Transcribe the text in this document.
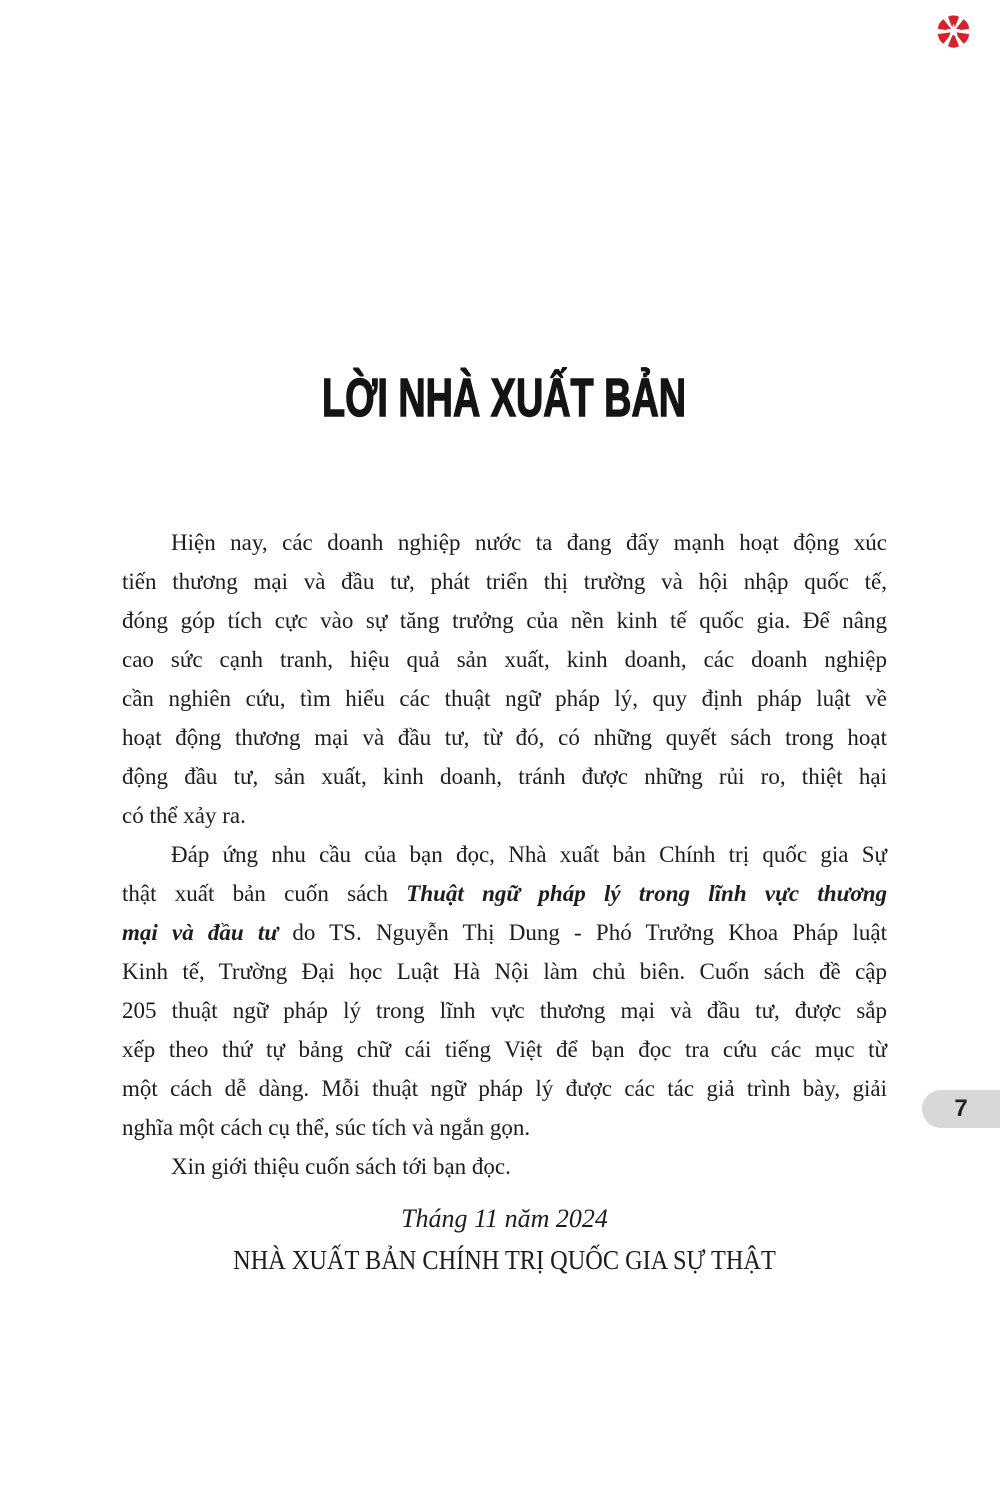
LỜI NHÀ XUẤT BẢN
Hiện nay, các doanh nghiệp nước ta đang đẩy mạnh hoạt động xúc
tiến thương mại và đầu tư, phát triển thị trường và hội nhập quốc tế,
đóng góp tích cực vào sự tăng trưởng của nền kinh tế quốc gia. Để nâng
cao sức cạnh tranh, hiệu quả sản xuất, kinh doanh, các doanh nghiệp
cần nghiên cứu, tìm hiểu các thuật ngữ pháp lý, quy định pháp luật về
hoạt động thương mại và đầu tư, từ đó, có những quyết sách trong hoạt
động đầu tư, sản xuất, kinh doanh, tránh được những rủi ro, thiệt hại
có thể xảy ra.
Đáp ứng nhu cầu của bạn đọc, Nhà xuất bản Chính trị quốc gia Sự
thật xuất bản cuốn sách Thuật ngữ pháp lý trong lĩnh vực thương
mại và đầu tư do TS. Nguyễn Thị Dung - Phó Trưởng Khoa Pháp luật
Kinh tế, Trường Đại học Luật Hà Nội làm chủ biên. Cuốn sách đề cập
205 thuật ngữ pháp lý trong lĩnh vực thương mại và đầu tư, được sắp
xếp theo thứ tự bảng chữ cái tiếng Việt để bạn đọc tra cứu các mục từ
một cách dễ dàng. Mỗi thuật ngữ pháp lý được các tác giả trình bày, giải
nghĩa một cách cụ thể, súc tích và ngắn gọn.
Xin giới thiệu cuốn sách tới bạn đọc.
Tháng 11 năm 2024
NHÀ XUẤT BẢN CHÍNH TRỊ QUỐC GIA SỰ THẬT
7
